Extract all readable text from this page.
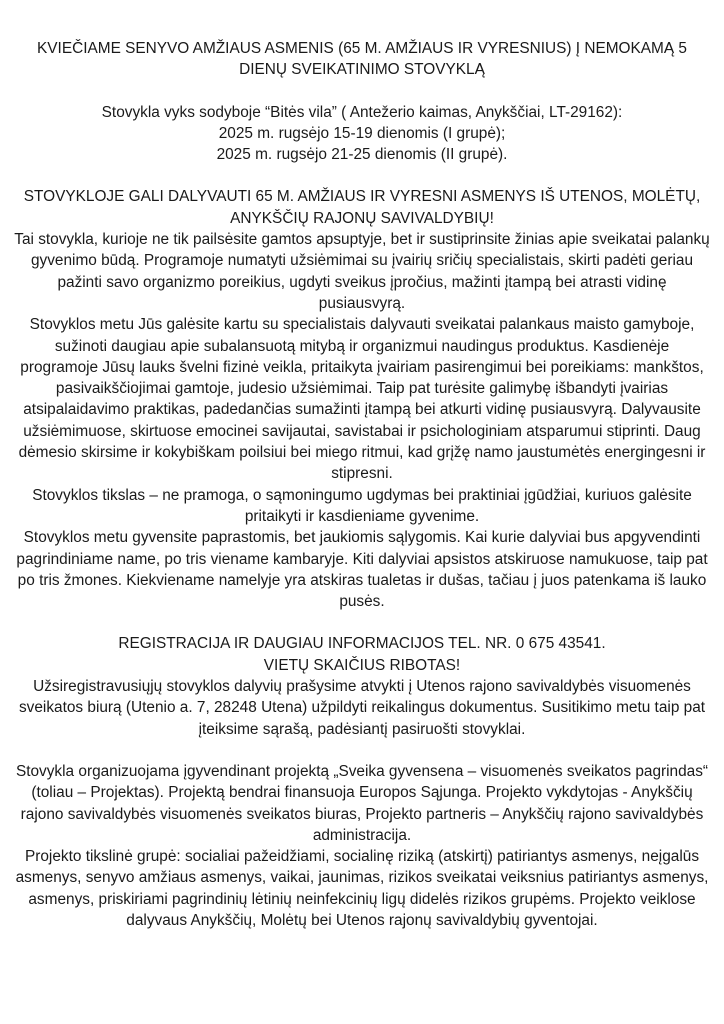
KVIEČIAME SENYVO AMŽIAUS ASMENIS (65 M. AMŽIAUS IR VYRESNIUS) Į NEMOKAMĄ 5 DIENŲ SVEIKATINIMO STOVYKLĄ

Stovykla vyks sodyboje “Bitės vila” ( Antežerio kaimas, Anykščiai, LT-29162):

2025 m. rugsėjo 15-19 dienomis (I grupė);

2025 m. rugsėjo 21-25 dienomis (II grupė).

STOVYKLOJE GALI DALYVAUTI 65 M. AMŽIAUS IR VYRESNI ASMENYS IŠ UTENOS, MOLĖTŲ, ANYKŠČIŲ RAJONŲ SAVIVALDYBIŲ!

Tai stovykla, kurioje ne tik pailsėsite gamtos apsuptyje, bet ir sustiprinsite žinias apie sveikatai palankų gyvenimo būdą. Programoje numatyti užsiėmimai su įvairių sričių specialistais, skirti padėti geriau pažinti savo organizmo poreikius, ugdyti sveikus įpročius, mažinti įtampą bei atrasti vidinę pusiausvyrą.

Stovyklos metu Jūs galėsite kartu su specialistais dalyvauti sveikatai palankaus maisto gamyboje, sužinoti daugiau apie subalansuotą mitybą ir organizmui naudingus produktus. Kasdienėje programoje Jūsų lauks švelni fizinė veikla, pritaikyta įvairiam pasirengimui bei poreikiams: mankštos, pasivaikščiojimai gamtoje, judesio užsiėmimai. Taip pat turėsite galimybę išbandyti įvairias atsipalaidavimo praktikas, padedančias sumažinti įtampą bei atkurti vidinę pusiausvyrą. Dalyvausite užsiėmimuose, skirtuose emocinei savijautai, savistabai ir psichologiniam atsparumui stiprinti. Daug dėmesio skirsime ir kokybiškam poilsiui bei miego ritmui, kad grįžę namo jaustumėtės energingesni ir stipresni.

Stovyklos tikslas – ne pramoga, o sąmoningumo ugdymas bei praktiniai įgūdžiai, kuriuos galėsite pritaikyti ir kasdieniame gyvenime.

Stovyklos metu gyvensite paprastomis, bet jaukiomis sąlygomis. Kai kurie dalyviai bus apgyvendinti pagrindiniame name, po tris viename kambaryje. Kiti dalyviai apsistos atskiruose namukuose, taip pat po tris žmones. Kiekviename namelyje yra atskiras tualetas ir dušas, tačiau į juos patenkama iš lauko pusės.

REGISTRACIJA IR DAUGIAU INFORMACIJOS TEL. NR. 0 675 43541.

VIETŲ SKAIČIUS RIBOTAS!

Užsiregistravusiųjų stovyklos dalyvių prašysime atvykti į Utenos rajono savivaldybės visuomenės sveikatos biurą (Utenio a. 7, 28248 Utena) užpildyti reikalingus dokumentus. Susitikimo metu taip pat įteiksime sąrašą, padėsiantį pasiruošti stovyklai.

Stovykla organizuojama įgyvendinant projektą „Sveika gyvensena – visuomenės sveikatos pagrindas“ (toliau – Projektas). Projektą bendrai finansuoja Europos Sąjunga. Projekto vykdytojas - Anykščių rajono savivaldybės visuomenės sveikatos biuras, Projekto partneris – Anykščių rajono savivaldybės administracija.

Projekto tikslinė grupė: socialiai pažeidžiami, socialinę riziką (atskirtį) patiriantys asmenys, neįgalūs asmenys, senyvo amžiaus asmenys, vaikai, jaunimas, rizikos sveikatai veiksnius patiriantys asmenys, asmenys, priskiriami pagrindinių lėtinių neinfekcinių ligų didelės rizikos grupėms. Projekto veiklose dalyvaus Anykščių, Molėtų bei Utenos rajonų savivaldybių gyventojai.
